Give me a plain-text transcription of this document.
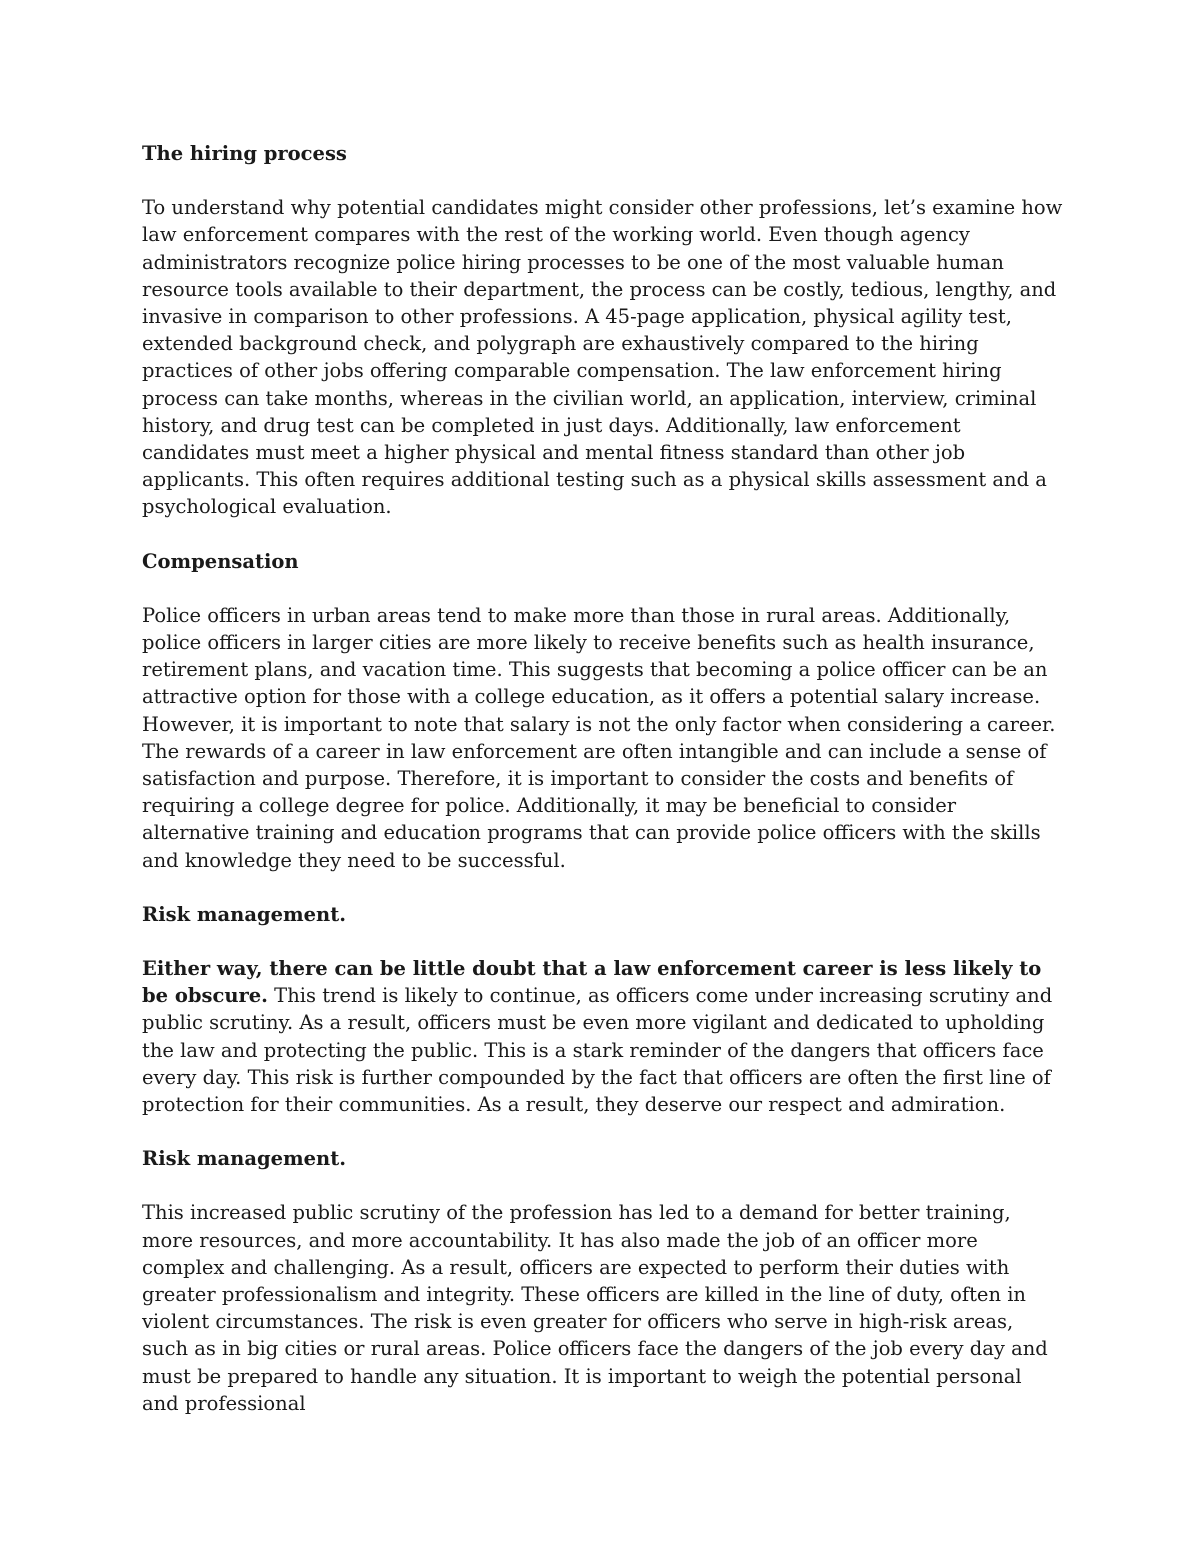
The hiring process
To understand why potential candidates might consider other professions, let’s examine how law enforcement compares with the rest of the working world. Even though agency administrators recognize police hiring processes to be one of the most valuable human resource tools available to their department, the process can be costly, tedious, lengthy, and invasive in comparison to other professions. A 45-page application, physical agility test, extended background check, and polygraph are exhaustively compared to the hiring practices of other jobs offering comparable compensation. The law enforcement hiring process can take months, whereas in the civilian world, an application, interview, criminal history, and drug test can be completed in just days. Additionally, law enforcement candidates must meet a higher physical and mental fitness standard than other job applicants. This often requires additional testing such as a physical skills assessment and a psychological evaluation.
Compensation
Police officers in urban areas tend to make more than those in rural areas. Additionally, police officers in larger cities are more likely to receive benefits such as health insurance, retirement plans, and vacation time. This suggests that becoming a police officer can be an attractive option for those with a college education, as it offers a potential salary increase. However, it is important to note that salary is not the only factor when considering a career. The rewards of a career in law enforcement are often intangible and can include a sense of satisfaction and purpose. Therefore, it is important to consider the costs and benefits of requiring a college degree for police. Additionally, it may be beneficial to consider alternative training and education programs that can provide police officers with the skills and knowledge they need to be successful.
Risk management.
Either way, there can be little doubt that a law enforcement career is less likely to be obscure. This trend is likely to continue, as officers come under increasing scrutiny and public scrutiny. As a result, officers must be even more vigilant and dedicated to upholding the law and protecting the public. This is a stark reminder of the dangers that officers face every day. This risk is further compounded by the fact that officers are often the first line of protection for their communities. As a result, they deserve our respect and admiration.
Risk management.
This increased public scrutiny of the profession has led to a demand for better training, more resources, and more accountability. It has also made the job of an officer more complex and challenging. As a result, officers are expected to perform their duties with greater professionalism and integrity. These officers are killed in the line of duty, often in violent circumstances. The risk is even greater for officers who serve in high-risk areas, such as in big cities or rural areas. Police officers face the dangers of the job every day and must be prepared to handle any situation. It is important to weigh the potential personal and professional
